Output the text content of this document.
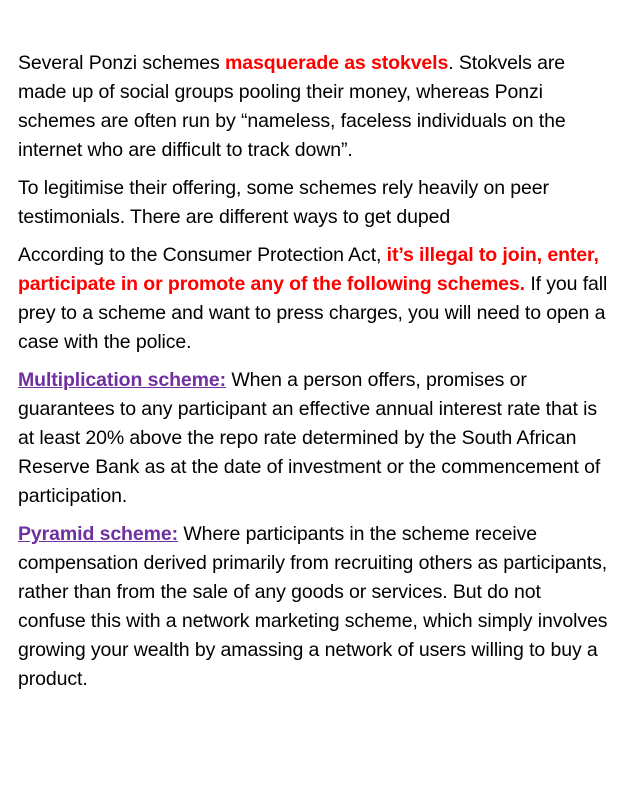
Several Ponzi schemes masquerade as stokvels. Stokvels are made up of social groups pooling their money, whereas Ponzi schemes are often run by “nameless, faceless individuals on the internet who are difficult to track down”.

To legitimise their offering, some schemes rely heavily on peer testimonials. There are different ways to get duped

According to the Consumer Protection Act, it’s illegal to join, enter, participate in or promote any of the following schemes. If you fall prey to a scheme and want to press charges, you will need to open a case with the police.

Multiplication scheme: When a person offers, promises or guarantees to any participant an effective annual interest rate that is at least 20% above the repo rate determined by the South African Reserve Bank as at the date of investment or the commencement of participation.

Pyramid scheme: Where participants in the scheme receive compensation derived primarily from recruiting others as participants, rather than from the sale of any goods or services. But do not confuse this with a network marketing scheme, which simply involves growing your wealth by amassing a network of users willing to buy a product.
